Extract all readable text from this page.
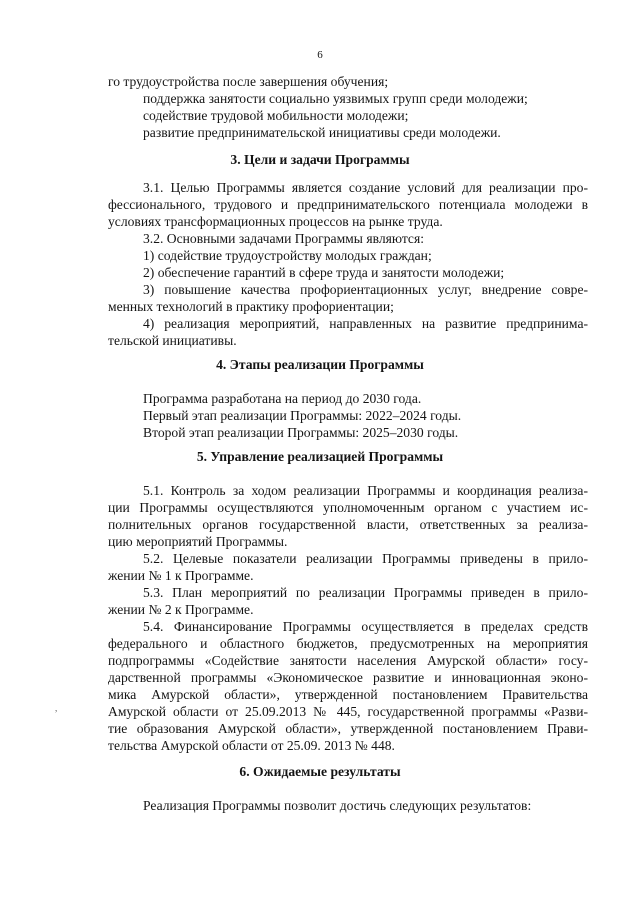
6
го трудоустройства после завершения обучения;
поддержка занятости социально уязвимых групп среди молодежи;
содействие трудовой мобильности молодежи;
развитие предпринимательской инициативы среди молодежи.
3. Цели и задачи Программы
3.1. Целью Программы является создание условий для реализации про-
фессионального, трудового и предпринимательского потенциала молодежи в
условиях трансформационных процессов на рынке труда.
3.2. Основными задачами Программы являются:
1) содействие трудоустройству молодых граждан;
2) обеспечение гарантий в сфере труда и занятости молодежи;
3) повышение качества профориентационных услуг, внедрение совре-
менных технологий в практику профориентации;
4) реализация мероприятий, направленных на развитие предпринима-
тельской инициативы.
4. Этапы реализации Программы
Программа разработана на период до 2030 года.
Первый этап реализации Программы: 2022–2024 годы.
Второй этап реализации Программы: 2025–2030 годы.
5. Управление реализацией Программы
5.1. Контроль за ходом реализации Программы и координация реализа-
ции Программы осуществляются уполномоченным органом с участием ис-
полнительных органов государственной власти, ответственных за реализа-
цию мероприятий Программы.
5.2. Целевые показатели реализации Программы приведены в прило-
жении № 1 к Программе.
5.3. План мероприятий по реализации Программы приведен в прило-
жении № 2 к Программе.
5.4. Финансирование Программы осуществляется в пределах средств
федерального и областного бюджетов, предусмотренных на мероприятия
подпрограммы «Содействие занятости населения Амурской области» госу-
дарственной программы «Экономическое развитие и инновационная эконо-
мика Амурской области», утвержденной постановлением Правительства
Амурской области от 25.09.2013 № 445, государственной программы «Разви-
тие образования Амурской области», утвержденной постановлением Прави-
тельства Амурской области от 25.09. 2013 № 448.
6. Ожидаемые результаты
Реализация Программы позволит достичь следующих результатов:
,
